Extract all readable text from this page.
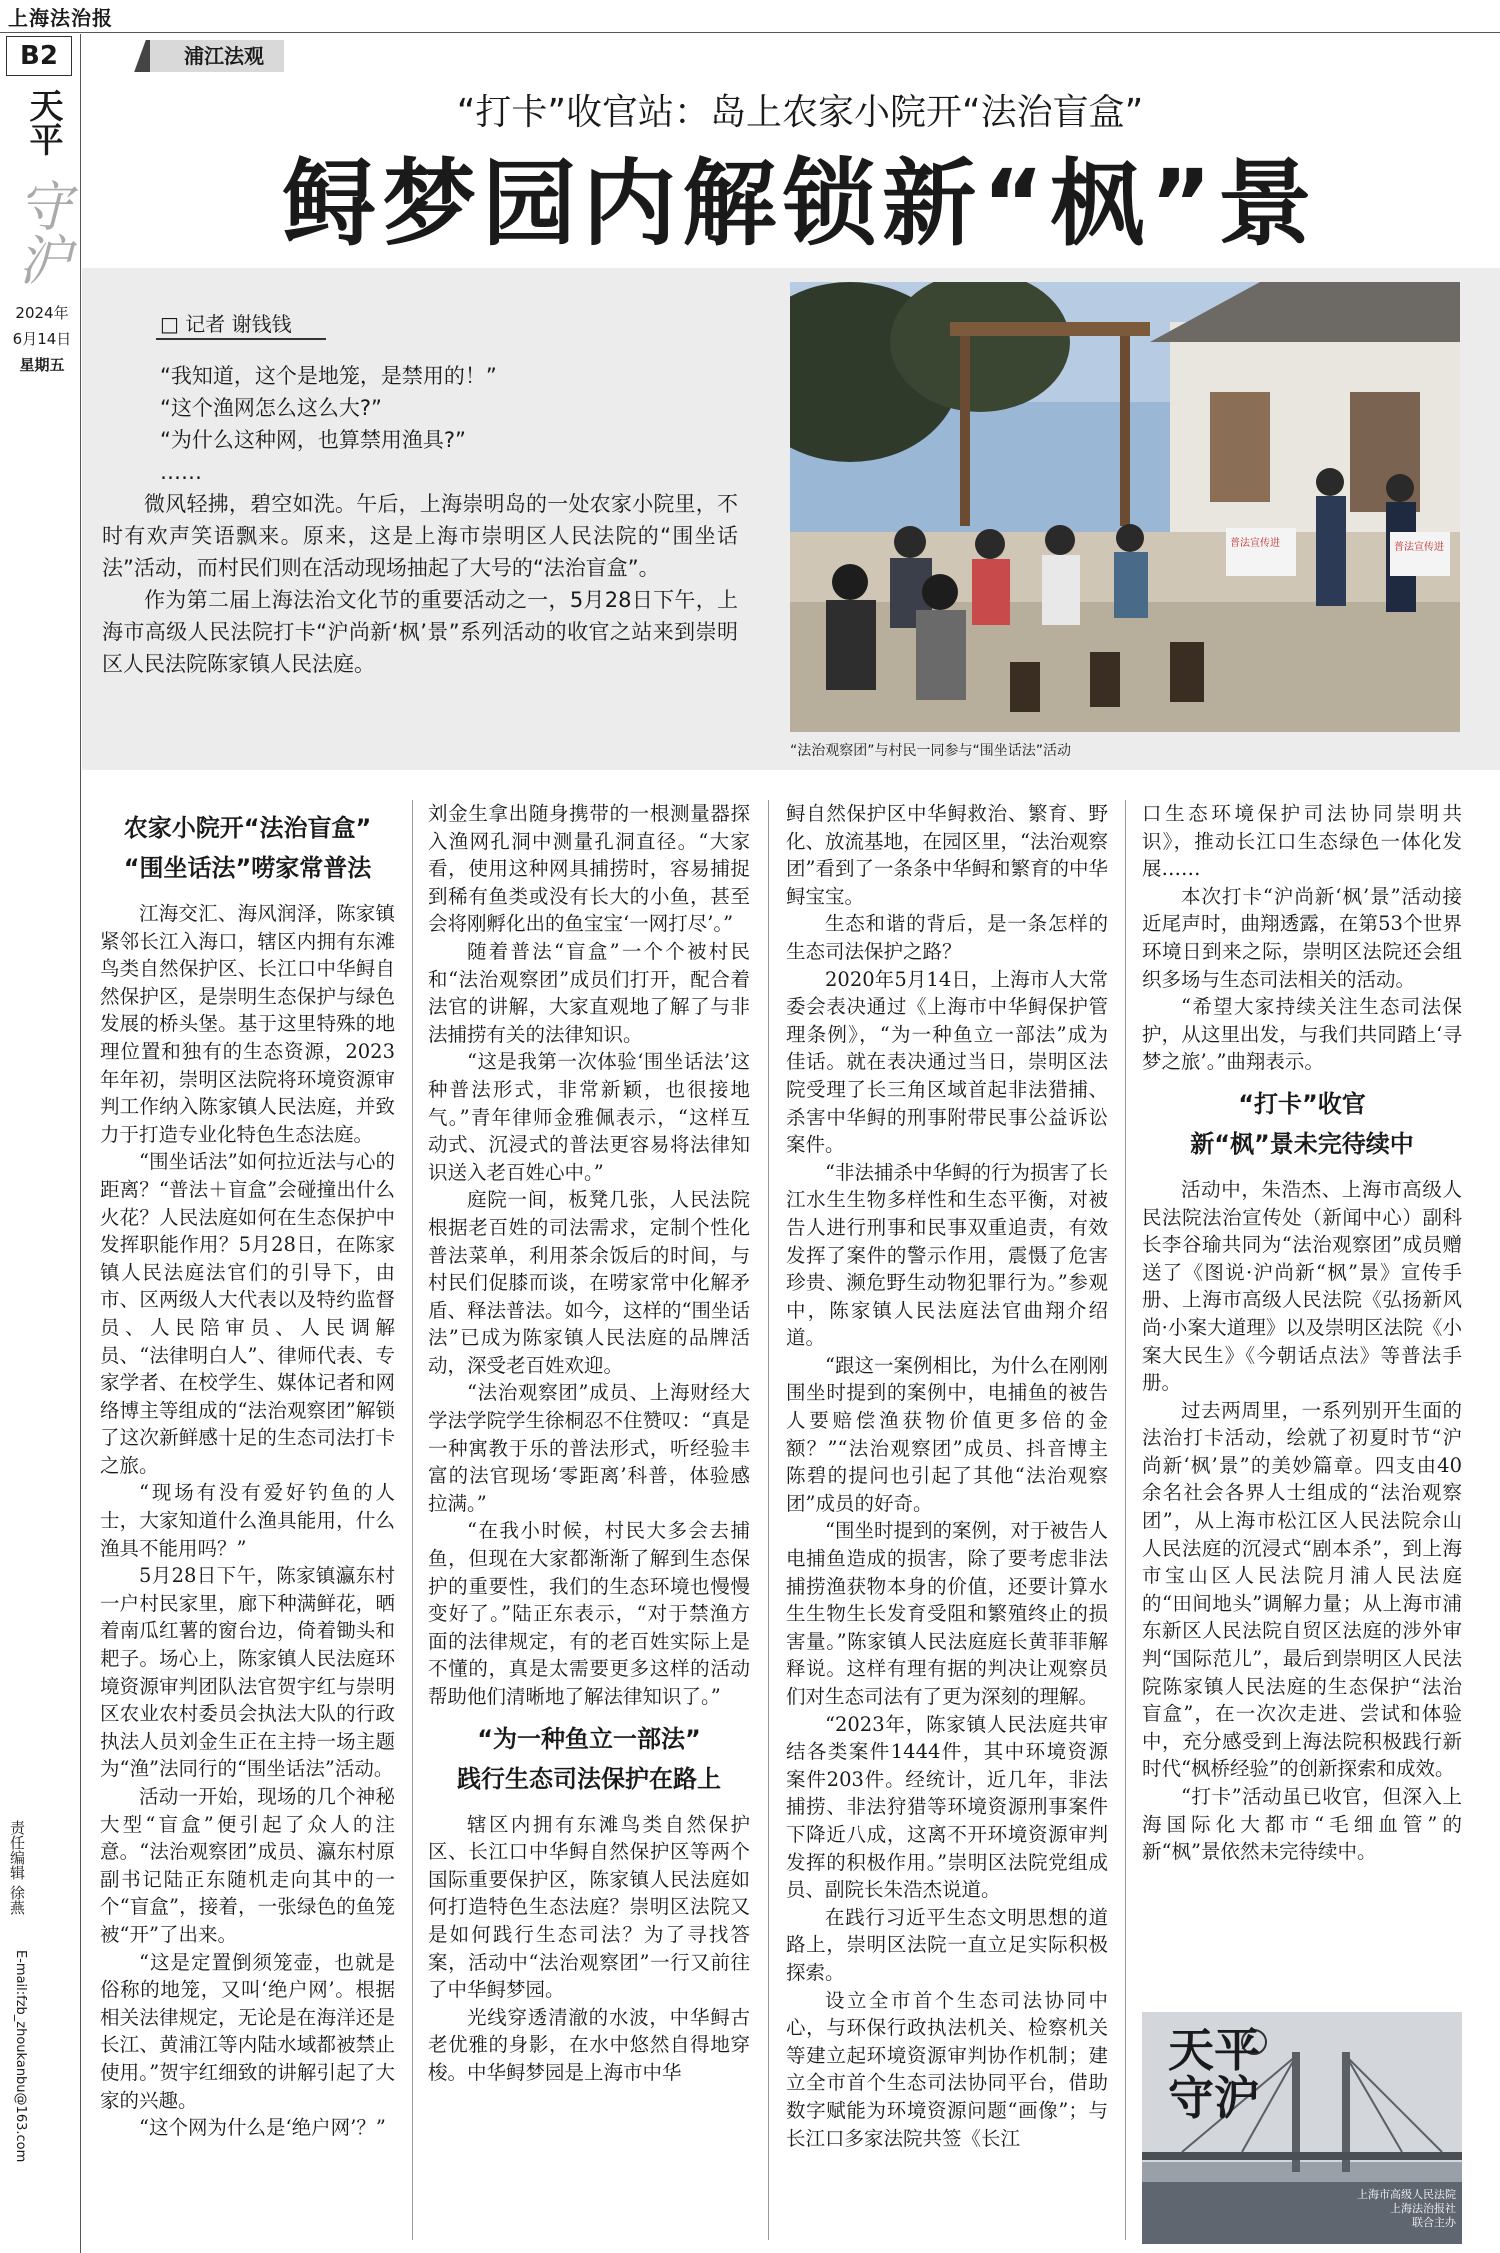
上海法治报
B2
天平
守沪
2024年
6月14日
星期五
责任编辑 徐燕
E-mail:fzb_zhoukanbu@163.com
浦江法观
“打卡”收官站：岛上农家小院开“法治盲盒”
鲟梦园内解锁新“枫”景
□ 记者 谢钱钱
“我知道，这个是地笼，是禁用的！”
“这个渔网怎么这么大?”
“为什么这种网，也算禁用渔具?”
……

微风轻拂，碧空如洗。午后，上海崇明岛的一处农家小院里，不时有欢声笑语飘来。原来，这是上海市崇明区人民法院的“围坐话法”活动，而村民们则在活动现场抽起了大号的“法治盲盒”。

作为第二届上海法治文化节的重要活动之一，5月28日下午，上海市高级人民法院打卡“沪尚新‘枫’景”系列活动的收官之站来到崇明区人民法院陈家镇人民法庭。

普法宣传进	普法宣传进
“法治观察团”与村民一同参与“围坐话法”活动
农家小院开“法治盲盒”
“围坐话法”唠家常普法

江海交汇、海风润泽，陈家镇紧邻长江入海口，辖区内拥有东滩鸟类自然保护区、长江口中华鲟自然保护区，是崇明生态保护与绿色发展的桥头堡。基于这里特殊的地理位置和独有的生态资源，2023年年初，崇明区法院将环境资源审判工作纳入陈家镇人民法庭，并致力于打造专业化特色生态法庭。

“围坐话法”如何拉近法与心的距离？“普法＋盲盒”会碰撞出什么火花？人民法庭如何在生态保护中发挥职能作用？5月28日，在陈家镇人民法庭法官们的引导下，由市、区两级人大代表以及特约监督员、人民陪审员、人民调解员、“法律明白人”、律师代表、专家学者、在校学生、媒体记者和网络博主等组成的“法治观察团”解锁了这次新鲜感十足的生态司法打卡之旅。

“现场有没有爱好钓鱼的人士，大家知道什么渔具能用，什么渔具不能用吗？”

5月28日下午，陈家镇瀛东村一户村民家里，廊下种满鲜花，晒着南瓜红薯的窗台边，倚着锄头和耙子。场心上，陈家镇人民法庭环境资源审判团队法官贺宇红与崇明区农业农村委员会执法大队的行政执法人员刘金生正在主持一场主题为“渔”法同行的“围坐话法”活动。

活动一开始，现场的几个神秘大型“盲盒”便引起了众人的注意。“法治观察团”成员、瀛东村原副书记陆正东随机走向其中的一个“盲盒”，接着，一张绿色的鱼笼被“开”了出来。

“这是定置倒须笼壶，也就是俗称的地笼，又叫‘绝户网’。根据相关法律规定，无论是在海洋还是长江、黄浦江等内陆水域都被禁止使用。”贺宇红细致的讲解引起了大家的兴趣。

“这个网为什么是‘绝户网’？”

刘金生拿出随身携带的一根测量器探入渔网孔洞中测量孔洞直径。“大家看，使用这种网具捕捞时，容易捕捉到稀有鱼类或没有长大的小鱼，甚至会将刚孵化出的鱼宝宝‘一网打尽’。”

随着普法“盲盒”一个个被村民和“法治观察团”成员们打开，配合着法官的讲解，大家直观地了解了与非法捕捞有关的法律知识。

“这是我第一次体验‘围坐话法’这种普法形式，非常新颖，也很接地气。”青年律师金雅佩表示，“这样互动式、沉浸式的普法更容易将法律知识送入老百姓心中。”

庭院一间，板凳几张，人民法院根据老百姓的司法需求，定制个性化普法菜单，利用茶余饭后的时间，与村民们促膝而谈，在唠家常中化解矛盾、释法普法。如今，这样的“围坐话法”已成为陈家镇人民法庭的品牌活动，深受老百姓欢迎。

“法治观察团”成员、上海财经大学法学院学生徐桐忍不住赞叹：“真是一种寓教于乐的普法形式，听经验丰富的法官现场‘零距离’科普，体验感拉满。”

“在我小时候，村民大多会去捕鱼，但现在大家都渐渐了解到生态保护的重要性，我们的生态环境也慢慢变好了。”陆正东表示，“对于禁渔方面的法律规定，有的老百姓实际上是不懂的，真是太需要更多这样的活动帮助他们清晰地了解法律知识了。”

“为一种鱼立一部法”
践行生态司法保护在路上

辖区内拥有东滩鸟类自然保护区、长江口中华鲟自然保护区等两个国际重要保护区，陈家镇人民法庭如何打造特色生态法庭？崇明区法院又是如何践行生态司法？为了寻找答案，活动中“法治观察团”一行又前往了中华鲟梦园。

光线穿透清澈的水波，中华鲟古老优雅的身影，在水中悠然自得地穿梭。中华鲟梦园是上海市中华

鲟自然保护区中华鲟救治、繁育、野化、放流基地，在园区里，“法治观察团”看到了一条条中华鲟和繁育的中华鲟宝宝。

生态和谐的背后，是一条怎样的生态司法保护之路？

2020年5月14日，上海市人大常委会表决通过《上海市中华鲟保护管理条例》，“为一种鱼立一部法”成为佳话。就在表决通过当日，崇明区法院受理了长三角区域首起非法猎捕、杀害中华鲟的刑事附带民事公益诉讼案件。

“非法捕杀中华鲟的行为损害了长江水生生物多样性和生态平衡，对被告人进行刑事和民事双重追责，有效发挥了案件的警示作用，震慑了危害珍贵、濒危野生动物犯罪行为。”参观中，陈家镇人民法庭法官曲翔介绍道。

“跟这一案例相比，为什么在刚刚围坐时提到的案例中，电捕鱼的被告人要赔偿渔获物价值更多倍的金额？”“法治观察团”成员、抖音博主陈碧的提问也引起了其他“法治观察团”成员的好奇。

“围坐时提到的案例，对于被告人电捕鱼造成的损害，除了要考虑非法捕捞渔获物本身的价值，还要计算水生生物生长发育受阻和繁殖终止的损害量。”陈家镇人民法庭庭长黄菲菲解释说。这样有理有据的判决让观察员们对生态司法有了更为深刻的理解。

“2023年，陈家镇人民法庭共审结各类案件1444件，其中环境资源案件203件。经统计，近几年，非法捕捞、非法狩猎等环境资源刑事案件下降近八成，这离不开环境资源审判发挥的积极作用。”崇明区法院党组成员、副院长朱浩杰说道。

在践行习近平生态文明思想的道路上，崇明区法院一直立足实际积极探索。

设立全市首个生态司法协同中心，与环保行政执法机关、检察机关等建立起环境资源审判协作机制；建立全市首个生态司法协同平台，借助数字赋能为环境资源问题“画像”；与长江口多家法院共签《长江

口生态环境保护司法协同崇明共识》，推动长江口生态绿色一体化发展……

本次打卡“沪尚新‘枫’景”活动接近尾声时，曲翔透露，在第53个世界环境日到来之际，崇明区法院还会组织多场与生态司法相关的活动。

“希望大家持续关注生态司法保护，从这里出发，与我们共同踏上‘寻梦之旅’。”曲翔表示。

“打卡”收官
新“枫”景未完待续中

活动中，朱浩杰、上海市高级人民法院法治宣传处（新闻中心）副科长李谷瑜共同为“法治观察团”成员赠送了《图说·沪尚新“枫”景》宣传手册、上海市高级人民法院《弘扬新风尚·小案大道理》以及崇明区法院《小案大民生》《今朝话点法》等普法手册。

过去两周里，一系列别开生面的法治打卡活动，绘就了初夏时节“沪尚新‘枫’景”的美妙篇章。四支由40余名社会各界人士组成的“法治观察团”，从上海市松江区人民法院佘山人民法庭的沉浸式“剧本杀”，到上海市宝山区人民法院月浦人民法庭的“田间地头”调解力量；从上海市浦东新区人民法院自贸区法庭的涉外审判“国际范儿”，最后到崇明区人民法院陈家镇人民法庭的生态保护“法治盲盒”，在一次次走进、尝试和体验中，充分感受到上海法院积极践行新时代“枫桥经验”的创新探索和成效。

“打卡”活动虽已收官，但深入上海国际化大都市“毛细血管”的新“枫”景依然未完待续中。

天平
守沪
上海市高级人民法院
上海法治报社
联合主办
